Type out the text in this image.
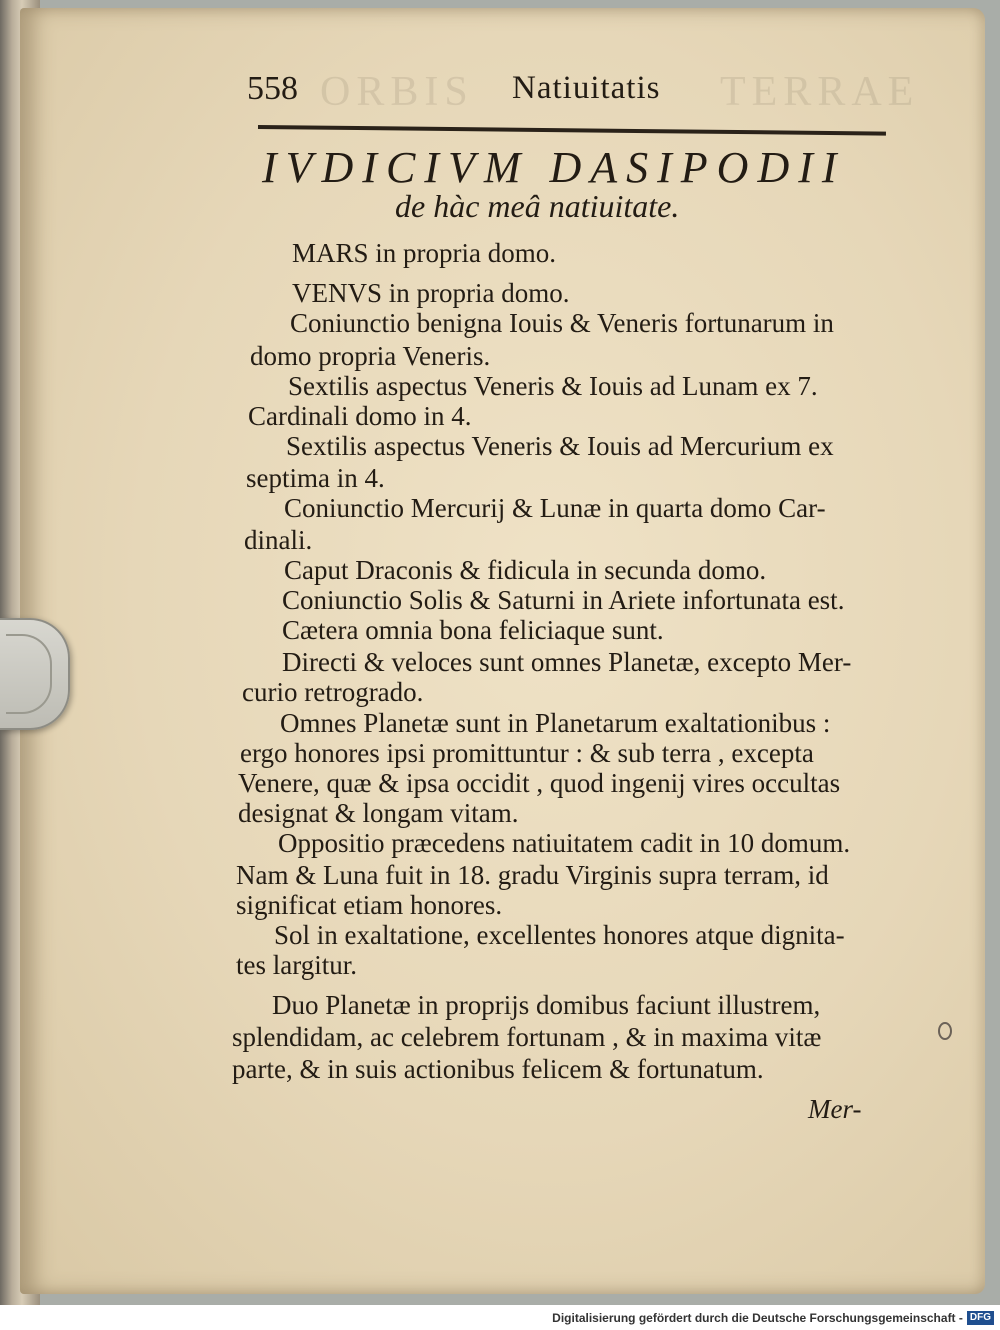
ORBIS	TERRAE
558	Natiuitatis
IVDICIVM DASIPODII
de hàc meâ natiuitate.
MARS in propria domo.
VENVS in propria domo.
Coniunctio benigna Iouis & Veneris fortunarum in
domo propria Veneris.
Sextilis aspectus Veneris & Iouis ad Lunam ex 7.
Cardinali domo in 4.
Sextilis aspectus Veneris & Iouis ad Mercurium ex
septima in 4.
Coniunctio Mercurij & Lunæ in quarta domo Car-
dinali.
Caput Draconis & fidicula in secunda domo.
Coniunctio Solis & Saturni in Ariete infortunata est.
Cætera omnia bona feliciaque sunt.
Directi & veloces sunt omnes Planetæ, excepto Mer-
curio retrogrado.
Omnes Planetæ sunt in Planetarum exaltationibus :
ergo honores ipsi promittuntur : & sub terra , excepta
Venere, quæ & ipsa occidit , quod ingenij vires occultas
designat & longam vitam.
Oppositio præcedens natiuitatem cadit in 10 domum.
Nam & Luna fuit in 18. gradu Virginis supra terram, id
significat etiam honores.
Sol in exaltatione, excellentes honores atque dignita-
tes largitur.
Duo Planetæ in proprijs domibus faciunt illustrem,
splendidam, ac celebrem fortunam , & in maxima vitæ
parte, & in suis actionibus felicem & fortunatum.
Mer-
Digitalisierung gefördert durch die Deutsche Forschungsgemeinschaft - DFG
